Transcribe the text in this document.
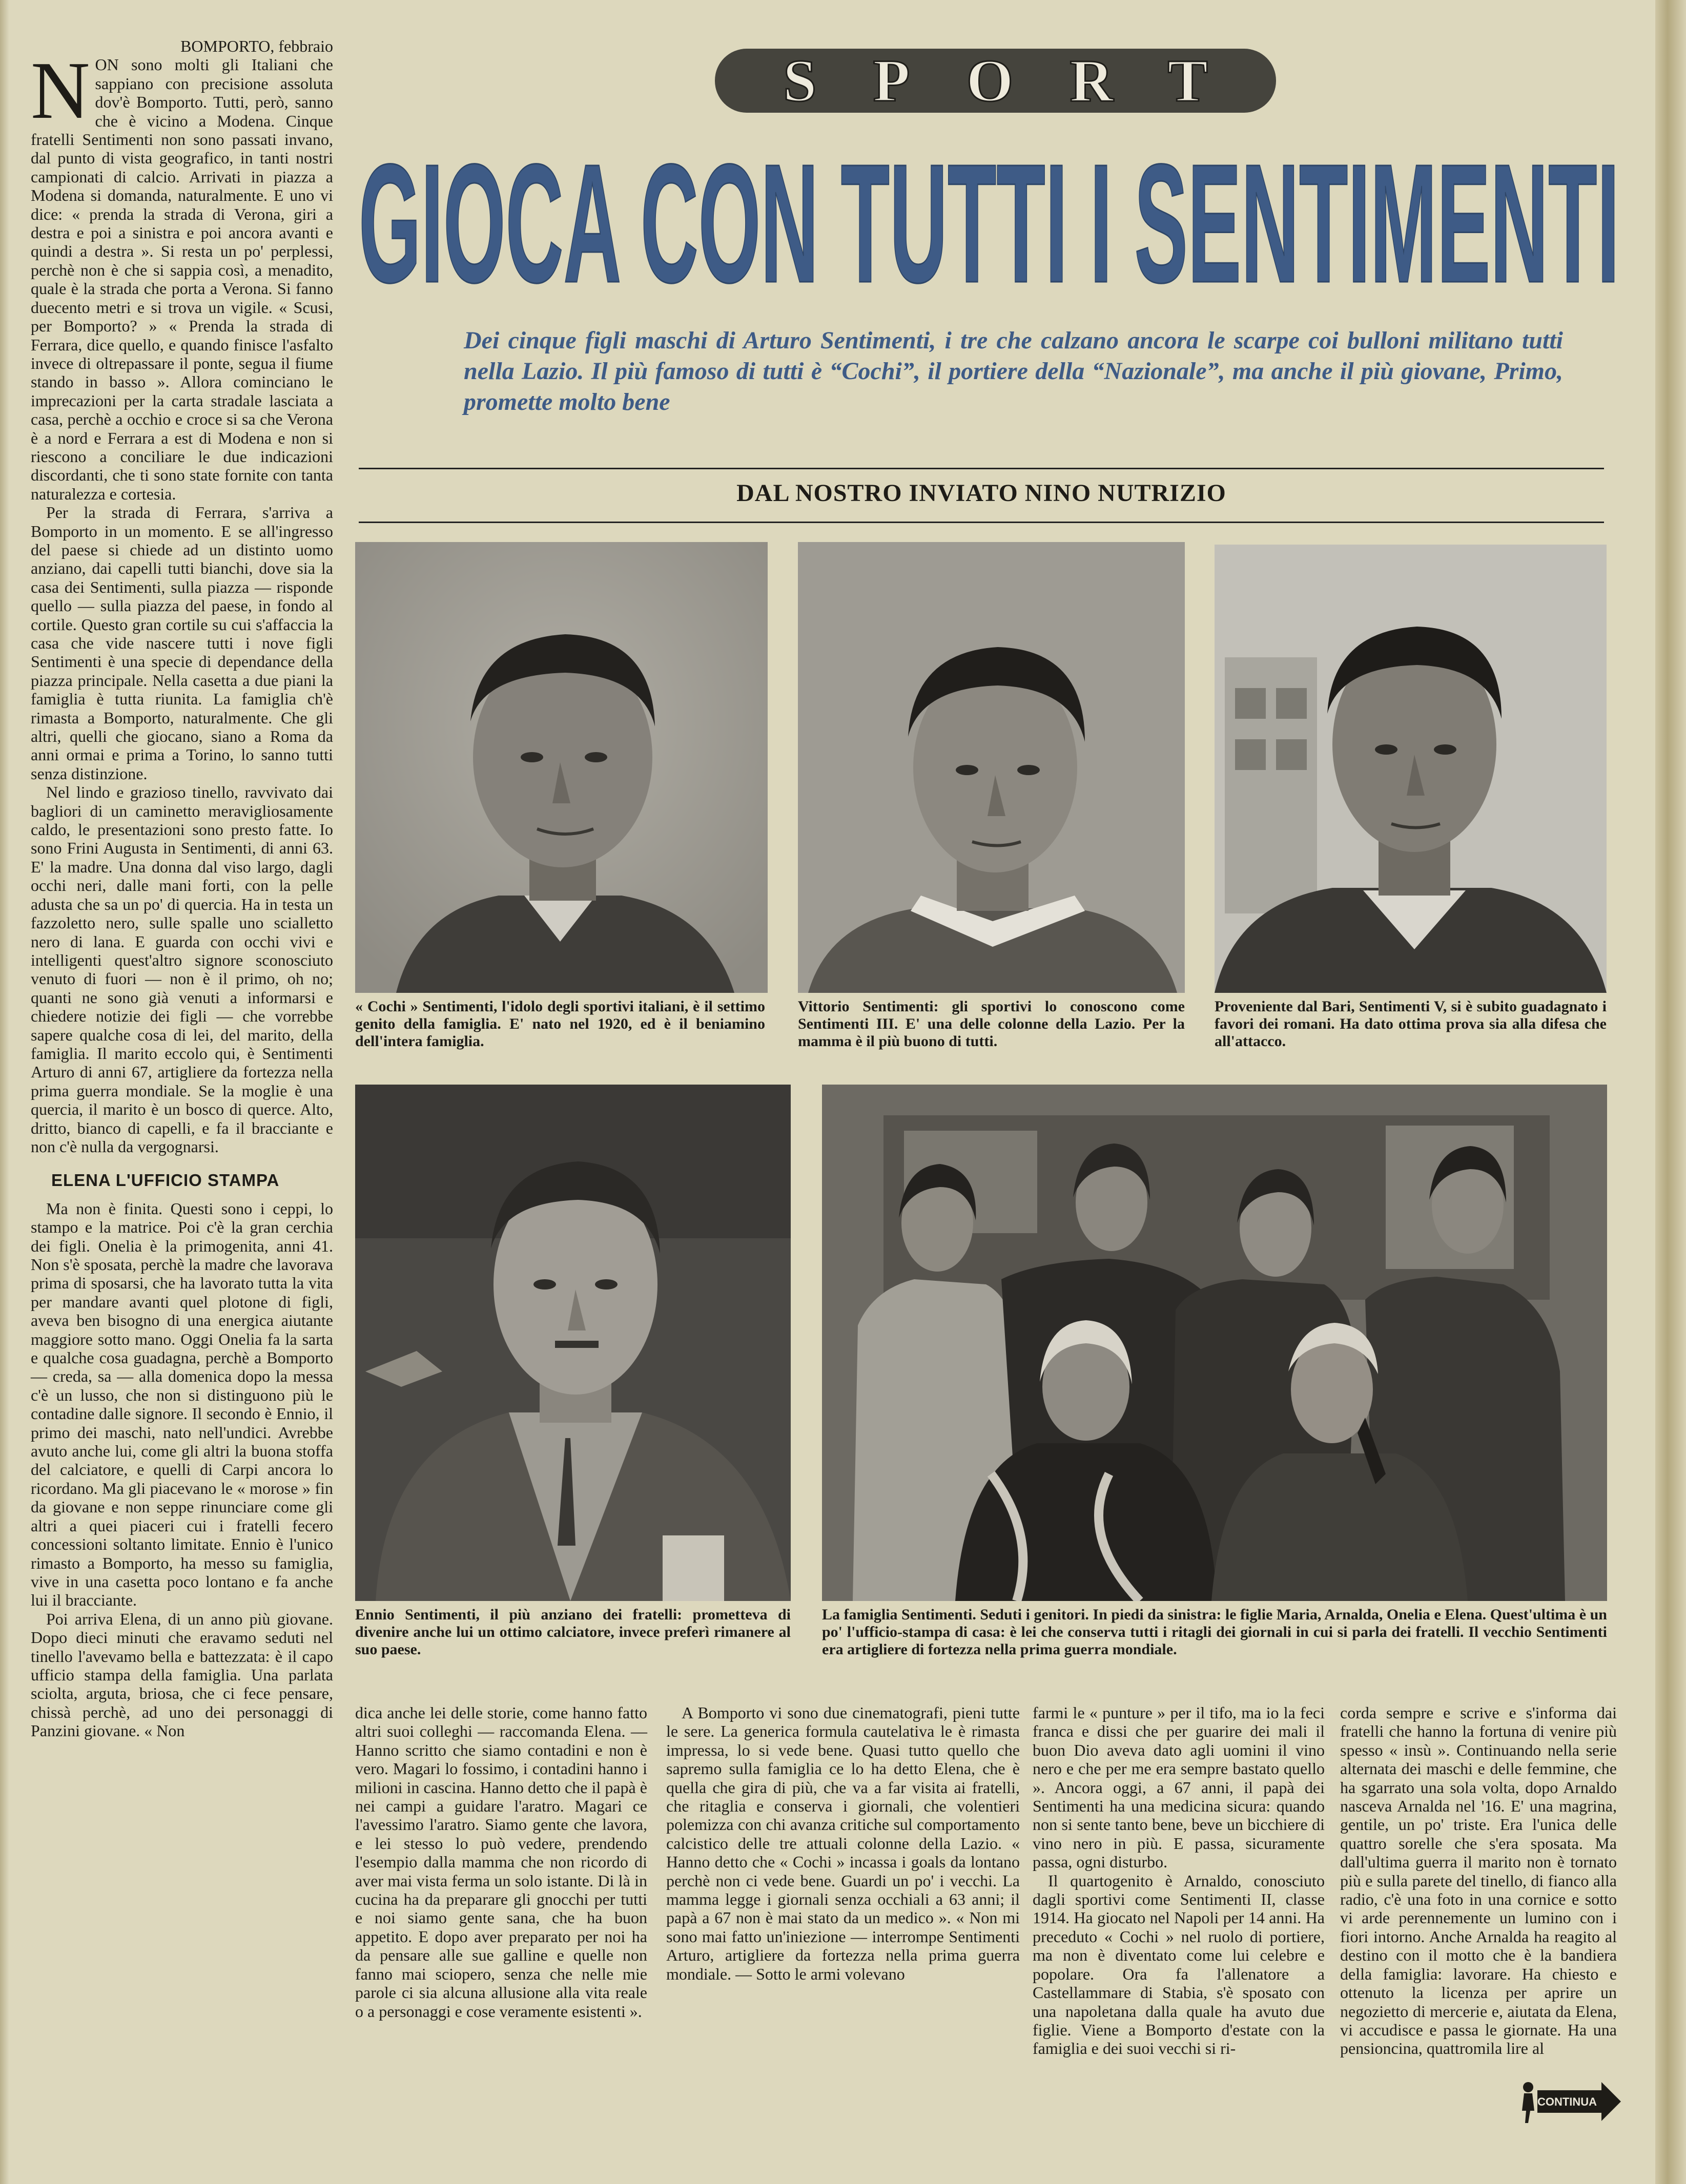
BOMPORTO, febbraio

NON sono molti gli Italiani che sappiano con precisione assoluta dov'è Bomporto. Tutti, però, sanno che è vicino a Modena. Cinque fratelli Sentimenti non sono passati invano, dal punto di vista geografico, in tanti nostri campionati di calcio. Arrivati in piazza a Modena si domanda, naturalmente. E uno vi dice: « prenda la strada di Verona, giri a destra e poi a sinistra e poi ancora avanti e quindi a destra ». Si resta un po' perplessi, perchè non è che si sappia così, a menadito, quale è la strada che porta a Verona. Si fanno duecento metri e si trova un vigile. « Scusi, per Bomporto? » « Prenda la strada di Ferrara, dice quello, e quando finisce l'asfalto invece di oltrepassare il ponte, segua il fiume stando in basso ». Allora cominciano le imprecazioni per la carta stradale lasciata a casa, perchè a occhio e croce si sa che Verona è a nord e Ferrara a est di Modena e non si riescono a conciliare le due indicazioni discordanti, che ti sono state fornite con tanta naturalezza e cortesia.

Per la strada di Ferrara, s'arriva a Bomporto in un momento. E se all'ingresso del paese si chiede ad un distinto uomo anziano, dai capelli tutti bianchi, dove sia la casa dei Sentimenti, sulla piazza — risponde quello — sulla piazza del paese, in fondo al cortile. Questo gran cortile su cui s'affaccia la casa che vide nascere tutti i nove figli Sentimenti è una specie di dependance della piazza principale. Nella casetta a due piani la famiglia è tutta riunita. La famiglia ch'è rimasta a Bomporto, naturalmente. Che gli altri, quelli che giocano, siano a Roma da anni ormai e prima a Torino, lo sanno tutti senza distinzione.

Nel lindo e grazioso tinello, ravvivato dai bagliori di un caminetto meravigliosamente caldo, le presentazioni sono presto fatte. Io sono Frini Augusta in Sentimenti, di anni 63. E' la madre. Una donna dal viso largo, dagli occhi neri, dalle mani forti, con la pelle adusta che sa un po' di quercia. Ha in testa un fazzoletto nero, sulle spalle uno scialletto nero di lana. E guarda con occhi vivi e intelligenti quest'altro signore sconosciuto venuto di fuori — non è il primo, oh no; quanti ne sono già venuti a informarsi e chiedere notizie dei figli — che vorrebbe sapere qualche cosa di lei, del marito, della famiglia. Il marito eccolo qui, è Sentimenti Arturo di anni 67, artigliere da fortezza nella prima guerra mondiale. Se la moglie è una quercia, il marito è un bosco di querce. Alto, dritto, bianco di capelli, e fa il bracciante e non c'è nulla da vergognarsi.

ELENA L'UFFICIO STAMPA

Ma non è finita. Questi sono i ceppi, lo stampo e la matrice. Poi c'è la gran cerchia dei figli. Onelia è la primogenita, anni 41. Non s'è sposata, perchè la madre che lavorava prima di sposarsi, che ha lavorato tutta la vita per mandare avanti quel plotone di figli, aveva ben bisogno di una energica aiutante maggiore sotto mano. Oggi Onelia fa la sarta e qualche cosa guadagna, perchè a Bomporto — creda, sa — alla domenica dopo la messa c'è un lusso, che non si distinguono più le contadine dalle signore. Il secondo è Ennio, il primo dei maschi, nato nell'undici. Avrebbe avuto anche lui, come gli altri la buona stoffa del calciatore, e quelli di Carpi ancora lo ricordano. Ma gli piacevano le « morose » fin da giovane e non seppe rinunciare come gli altri a quei piaceri cui i fratelli fecero concessioni soltanto limitate. Ennio è l'unico rimasto a Bomporto, ha messo su famiglia, vive in una casetta poco lontano e fa anche lui il bracciante.

Poi arriva Elena, di un anno più giovane. Dopo dieci minuti che eravamo seduti nel tinello l'avevamo bella e battezzata: è il capo ufficio stampa della famiglia. Una parlata sciolta, arguta, briosa, che ci fece pensare, chissà perchè, ad uno dei personaggi di Panzini giovane. « Non

SPORT
GIOCA CON TUTTI I SENTIMENTI
Dei cinque figli maschi di Arturo Sentimenti, i tre che calzano ancora le scarpe coi bulloni militano tutti nella Lazio. Il più famoso di tutti è “Cochi”, il portiere della “Nazionale”, ma anche il più giovane, Primo, promette molto bene
DAL NOSTRO INVIATO NINO NUTRIZIO
« Cochi » Sentimenti, l'idolo degli sportivi italiani, è il settimo genito della famiglia. E' nato nel 1920, ed è il beniamino dell'intera famiglia.
Vittorio Sentimenti: gli sportivi lo conoscono come Sentimenti III. E' una delle colonne della Lazio. Per la mamma è il più buono di tutti.
Proveniente dal Bari, Sentimenti V, si è subito guadagnato i favori dei romani. Ha dato ottima prova sia alla difesa che all'attacco.
Ennio Sentimenti, il più anziano dei fratelli: prometteva di divenire anche lui un ottimo calciatore, invece preferì rimanere al suo paese.
La famiglia Sentimenti. Seduti i genitori. In piedi da sinistra: le figlie Maria, Arnalda, Onelia e Elena. Quest'ultima è un po' l'ufficio-stampa di casa: è lei che conserva tutti i ritagli dei giornali in cui si parla dei fratelli. Il vecchio Sentimenti era artigliere di fortezza nella prima guerra mondiale.

dica anche lei delle storie, come hanno fatto altri suoi colleghi — raccomanda Elena. — Hanno scritto che siamo contadini e non è vero. Magari lo fossimo, i contadini hanno i milioni in cascina. Hanno detto che il papà è nei campi a guidare l'aratro. Magari ce l'avessimo l'aratro. Siamo gente che lavora, e lei stesso lo può vedere, prendendo l'esempio dalla mamma che non ricordo di aver mai vista ferma un solo istante. Di là in cucina ha da preparare gli gnocchi per tutti e noi siamo gente sana, che ha buon appetito. E dopo aver preparato per noi ha da pensare alle sue galline e quelle non fanno mai sciopero, senza che nelle mie parole ci sia alcuna allusione alla vita reale o a personaggi e cose veramente esistenti ».

A Bomporto vi sono due cinematografi, pieni tutte le sere. La generica formula cautelativa le è rimasta impressa, lo si vede bene. Quasi tutto quello che sapremo sulla famiglia ce lo ha detto Elena, che è quella che gira di più, che va a far visita ai fratelli, che ritaglia e conserva i giornali, che volentieri polemizza con chi avanza critiche sul comportamento calcistico delle tre attuali colonne della Lazio. « Hanno detto che « Cochi » incassa i goals da lontano perchè non ci vede bene. Guardi un po' i vecchi. La mamma legge i giornali senza occhiali a 63 anni; il papà a 67 non è mai stato da un medico ». « Non mi sono mai fatto un'iniezione — interrompe Sentimenti Arturo, artigliere da fortezza nella prima guerra mondiale. — Sotto le armi volevano

farmi le « punture » per il tifo, ma io la feci franca e dissi che per guarire dei mali il buon Dio aveva dato agli uomini il vino nero e che per me era sempre bastato quello ». Ancora oggi, a 67 anni, il papà dei Sentimenti ha una medicina sicura: quando non si sente tanto bene, beve un bicchiere di vino nero in più. E passa, sicuramente passa, ogni disturbo.

Il quartogenito è Arnaldo, conosciuto dagli sportivi come Sentimenti II, classe 1914. Ha giocato nel Napoli per 14 anni. Ha preceduto « Cochi » nel ruolo di portiere, ma non è diventato come lui celebre e popolare. Ora fa l'allenatore a Castellammare di Stabia, s'è sposato con una napoletana dalla quale ha avuto due figlie. Viene a Bomporto d'estate con la famiglia e dei suoi vecchi si ri-

corda sempre e scrive e s'informa dai fratelli che hanno la fortuna di venire più spesso « insù ». Continuando nella serie alternata dei maschi e delle femmine, che ha sgarrato una sola volta, dopo Arnaldo nasceva Arnalda nel '16. E' una magrina, gentile, un po' triste. Era l'unica delle quattro sorelle che s'era sposata. Ma dall'ultima guerra il marito non è tornato più e sulla parete del tinello, di fianco alla radio, c'è una foto in una cornice e sotto vi arde perennemente un lumino con i fiori intorno. Anche Arnalda ha reagito al destino con il motto che è la bandiera della famiglia: lavorare. Ha chiesto e ottenuto la licenza per aprire un negozietto di mercerie e, aiutata da Elena, vi accudisce e passa le giornate. Ha una pensioncina, quattromila lire al

CONTINUA
